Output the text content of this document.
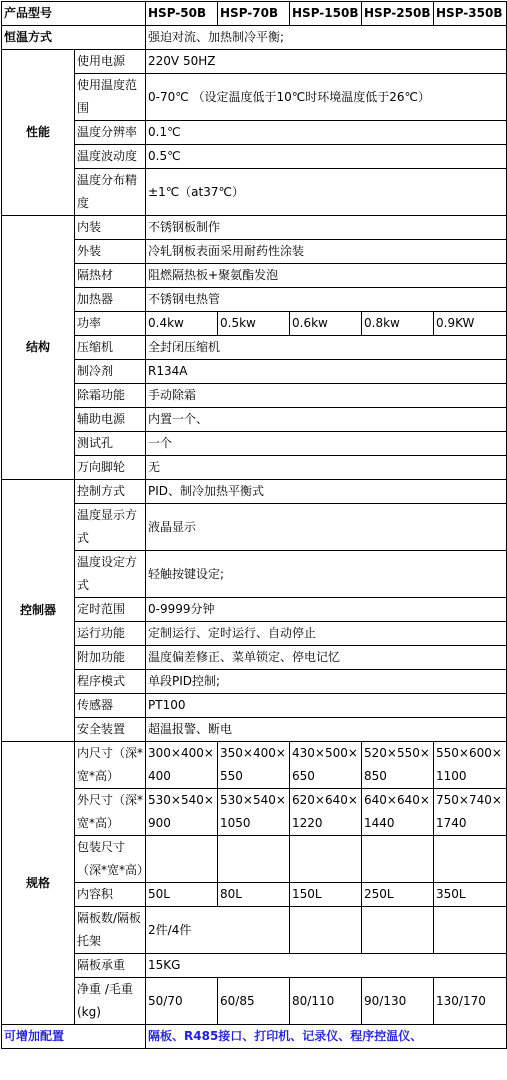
产品型号		HSP-50B	HSP-70B	HSP-150B	HSP-250B	HSP-350B
恒温方式		强迫对流、加热制冷平衡;				
性能	使用电源	220V 50HZ				
	使用温度范围	0-70℃ （设定温度低于10℃时环境温度低于26℃）				
	温度分辨率	0.1℃				
	温度波动度	0.5℃				
	温度分布精度	±1℃（at37℃）				
结构	内装	不锈钢板制作				
	外装	冷轧钢板表面采用耐药性涂装				
	隔热材	阻燃隔热板+聚氨酯发泡				
	加热器	不锈钢电热管				
	功率	0.4kw	0.5kw	0.6kw	0.8kw	0.9KW
	压缩机	全封闭压缩机				
	制冷剂	R134A				
	除霜功能	手动除霜				
	辅助电源	内置一个、				
	测试孔	一个				
	万向脚轮	无				
控制器	控制方式	PID、制冷加热平衡式				
	温度显示方式	液晶显示				
	温度设定方式	轻触按键设定;				
	定时范围	0-9999分钟				
	运行功能	定制运行、定时运行、自动停止				
	附加功能	温度偏差修正、菜单锁定、停电记忆				
	程序模式	单段PID控制;				
	传感器	PT100				
	安全装置	超温报警、断电				
规格	内尺寸（深*宽*高）	300×400×400	350×400×550	430×500×650	520×550×850	550×600×1100
	外尺寸（深*宽*高）	530×540×900	530×540×1050	620×640×1220	640×640×1440	750×740×1740
	包装尺寸（深*宽*高）					
	内容积	50L	80L	150L	250L	350L
	隔板数/隔板托架	2件/4件				
	隔板承重	15KG				
	净重 /毛重(kg)	50/70	60/85	80/110	90/130	130/170
可增加配置		隔板、R485接口、打印机、记录仪、程序控温仪、				
